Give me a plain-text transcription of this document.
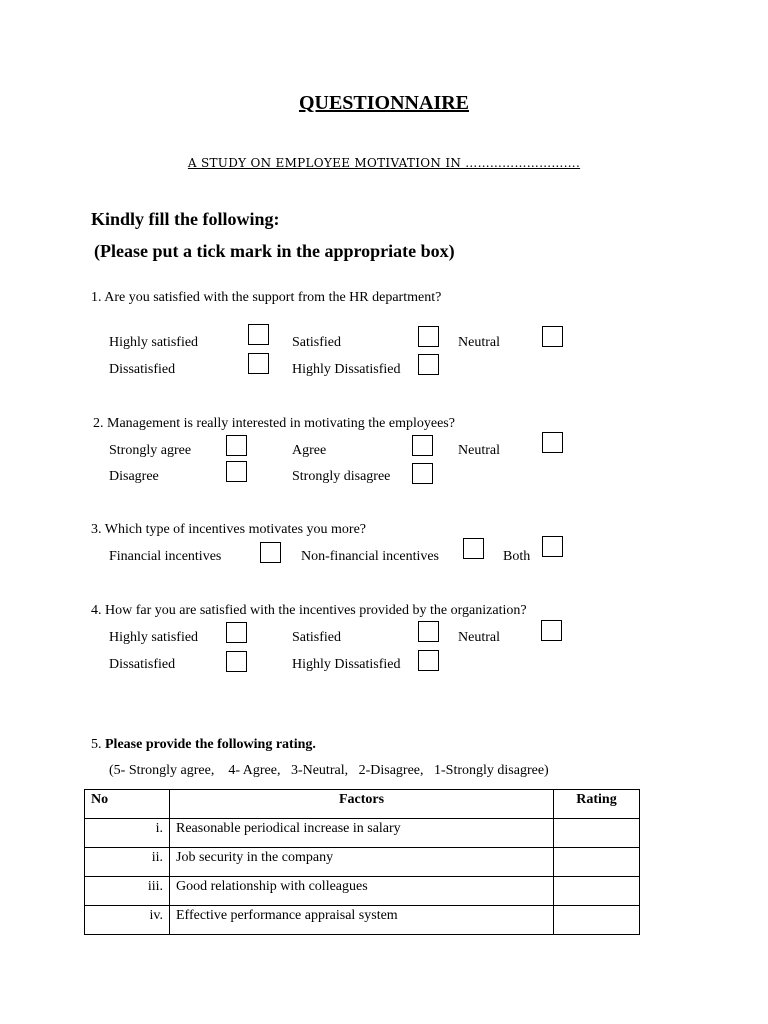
QUESTIONNAIRE
A STUDY ON EMPLOYEE MOTIVATION IN ……………………….
Kindly fill the following:
(Please put a tick mark in the appropriate box)
1. Are you satisfied with the support from the HR department?
Highly satisfied	Satisfied	Neutral
Dissatisfied	Highly Dissatisfied
2. Management is really interested in motivating the employees?
Strongly agree	Agree	Neutral
Disagree	Strongly disagree
3. Which type of incentives motivates you more?
Financial incentives	Non-financial incentives	Both
4. How far you are satisfied with the incentives provided by the organization?
Highly satisfied	Satisfied	Neutral
Dissatisfied	Highly Dissatisfied
5. Please provide the following rating.
(5- Strongly agree,    4- Agree,   3-Neutral,   2-Disagree,   1-Strongly disagree)
No	Factors	Rating
i.	Reasonable periodical increase in salary	
ii.	Job security in the company	
iii.	Good relationship with colleagues	
iv.	Effective performance appraisal system	
